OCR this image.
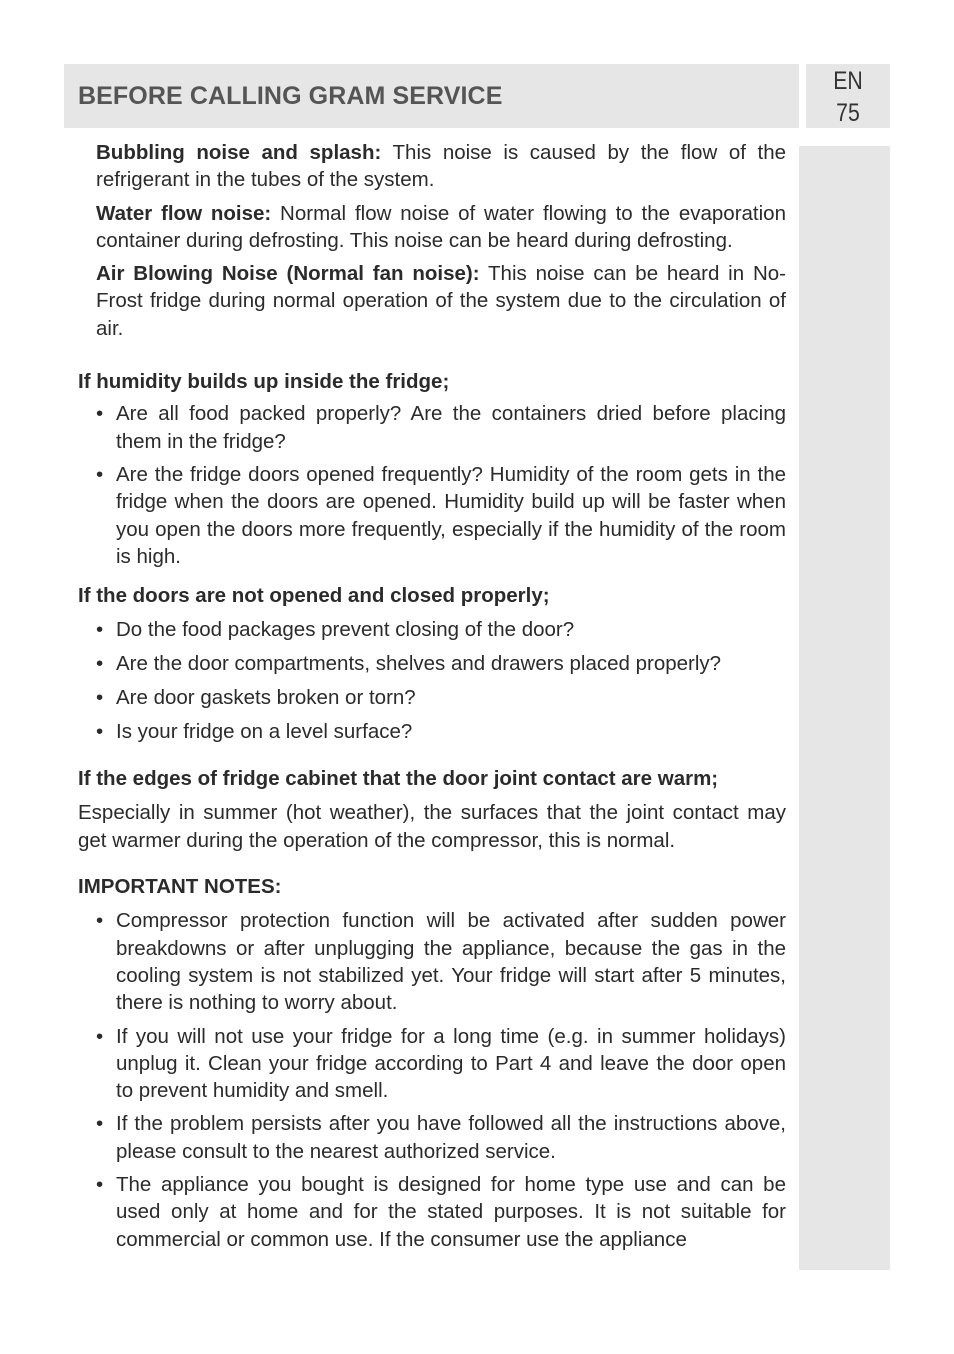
BEFORE CALLING GRAM SERVICE
EN
75

Bubbling noise and splash: This noise is caused by the flow of the refrigerant in the tubes of the system.

Water flow noise: Normal flow noise of water flowing to the evaporation container during defrosting. This noise can be heard during defrosting.

Air Blowing Noise (Normal fan noise): This noise can be heard in No-Frost fridge during normal operation of the system due to the circulation of air.

If humidity builds up inside the fridge;

• Are all food packed properly? Are the containers dried before placing them in the fridge?
• Are the fridge doors opened frequently? Humidity of the room gets in the fridge when the doors are opened. Humidity build up will be faster when you open the doors more frequently, especially if the humidity of the room is high.

If the doors are not opened and closed properly;

• Do the food packages prevent closing of the door?
• Are the door compartments, shelves and drawers placed properly?
• Are door gaskets broken or torn?
• Is your fridge on a level surface?

If the edges of fridge cabinet that the door joint contact are warm;

Especially in summer (hot weather), the surfaces that the joint contact may get warmer during the operation of the compressor, this is normal.

IMPORTANT NOTES:

• Compressor protection function will be activated after sudden power breakdowns or after unplugging the appliance, because the gas in the cooling system is not stabilized yet. Your fridge will start after 5 minutes, there is nothing to worry about.
• If you will not use your fridge for a long time (e.g. in summer holidays) unplug it. Clean your fridge according to Part 4 and leave the door open to prevent humidity and smell.
• If the problem persists after you have followed all the instructions above, please consult to the nearest authorized service.
• The appliance you bought is designed for home type use and can be used only at home and for the stated purposes. It is not suitable for commercial or common use. If the consumer use the appliance
